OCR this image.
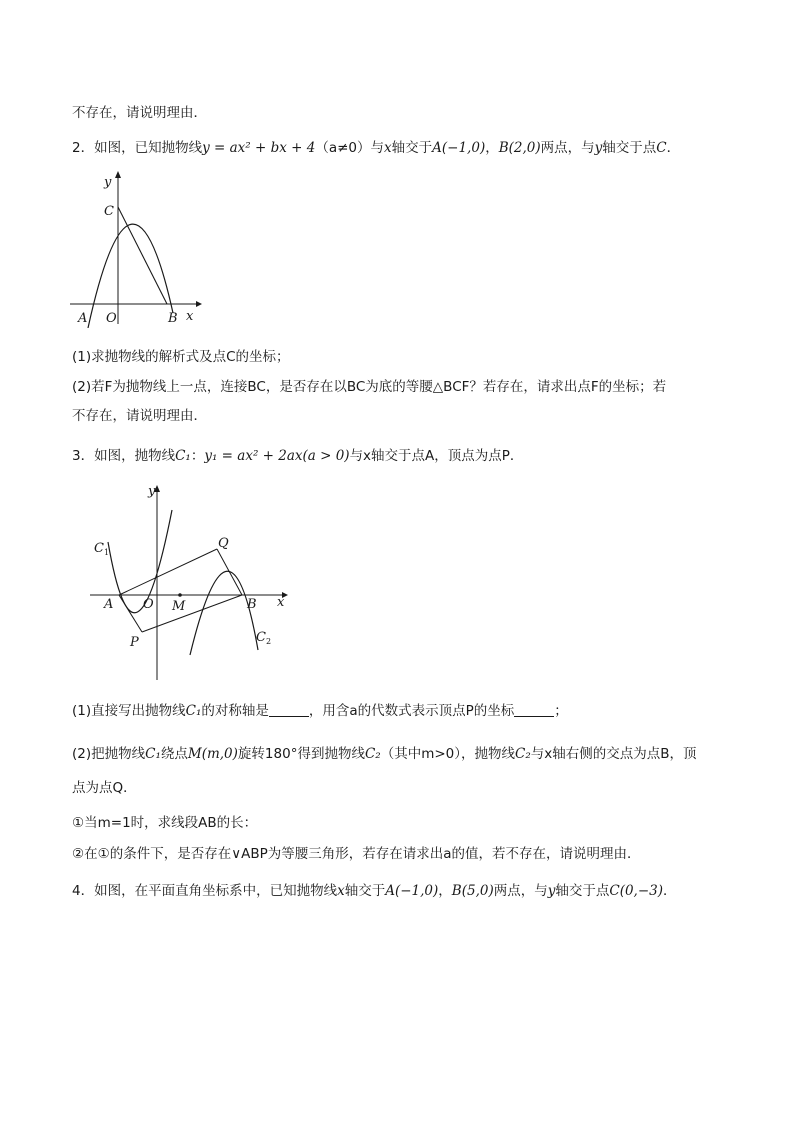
不存在，请说明理由．
2．如图，已知抛物线y = ax² + bx + 4（a≠0）与x轴交于A(−1,0)，B(2,0)两点，与y轴交于点C．
y
C
A O	B x
(1)求抛物线的解析式及点C的坐标；
(2)若F为抛物线上一点，连接BC，是否存在以BC为底的等腰△BCF？若存在，请求出点F的坐标；若
不存在，请说明理由．
3．如图，抛物线C₁：y₁ = ax² + 2ax(a > 0)与x轴交于点A，顶点为点P．
y
$C_1$
Q
A O M	B x
P	$C_2$
(1)直接写出抛物线C₁的对称轴是	，用含a的代数式表示顶点P的坐标	；
(2)把抛物线C₁绕点M(m,0)旋转180°得到抛物线C₂（其中m>0），抛物线C₂与x轴右侧的交点为点B，顶
点为点Q．
①当m=1时，求线段AB的长：
②在①的条件下，是否存在∨ABP为等腰三角形，若存在请求出a的值，若不存在，请说明理由．
4．如图，在平面直角坐标系中，已知抛物线x轴交于A(−1,0)，B(5,0)两点，与y轴交于点C(0,−3)．
